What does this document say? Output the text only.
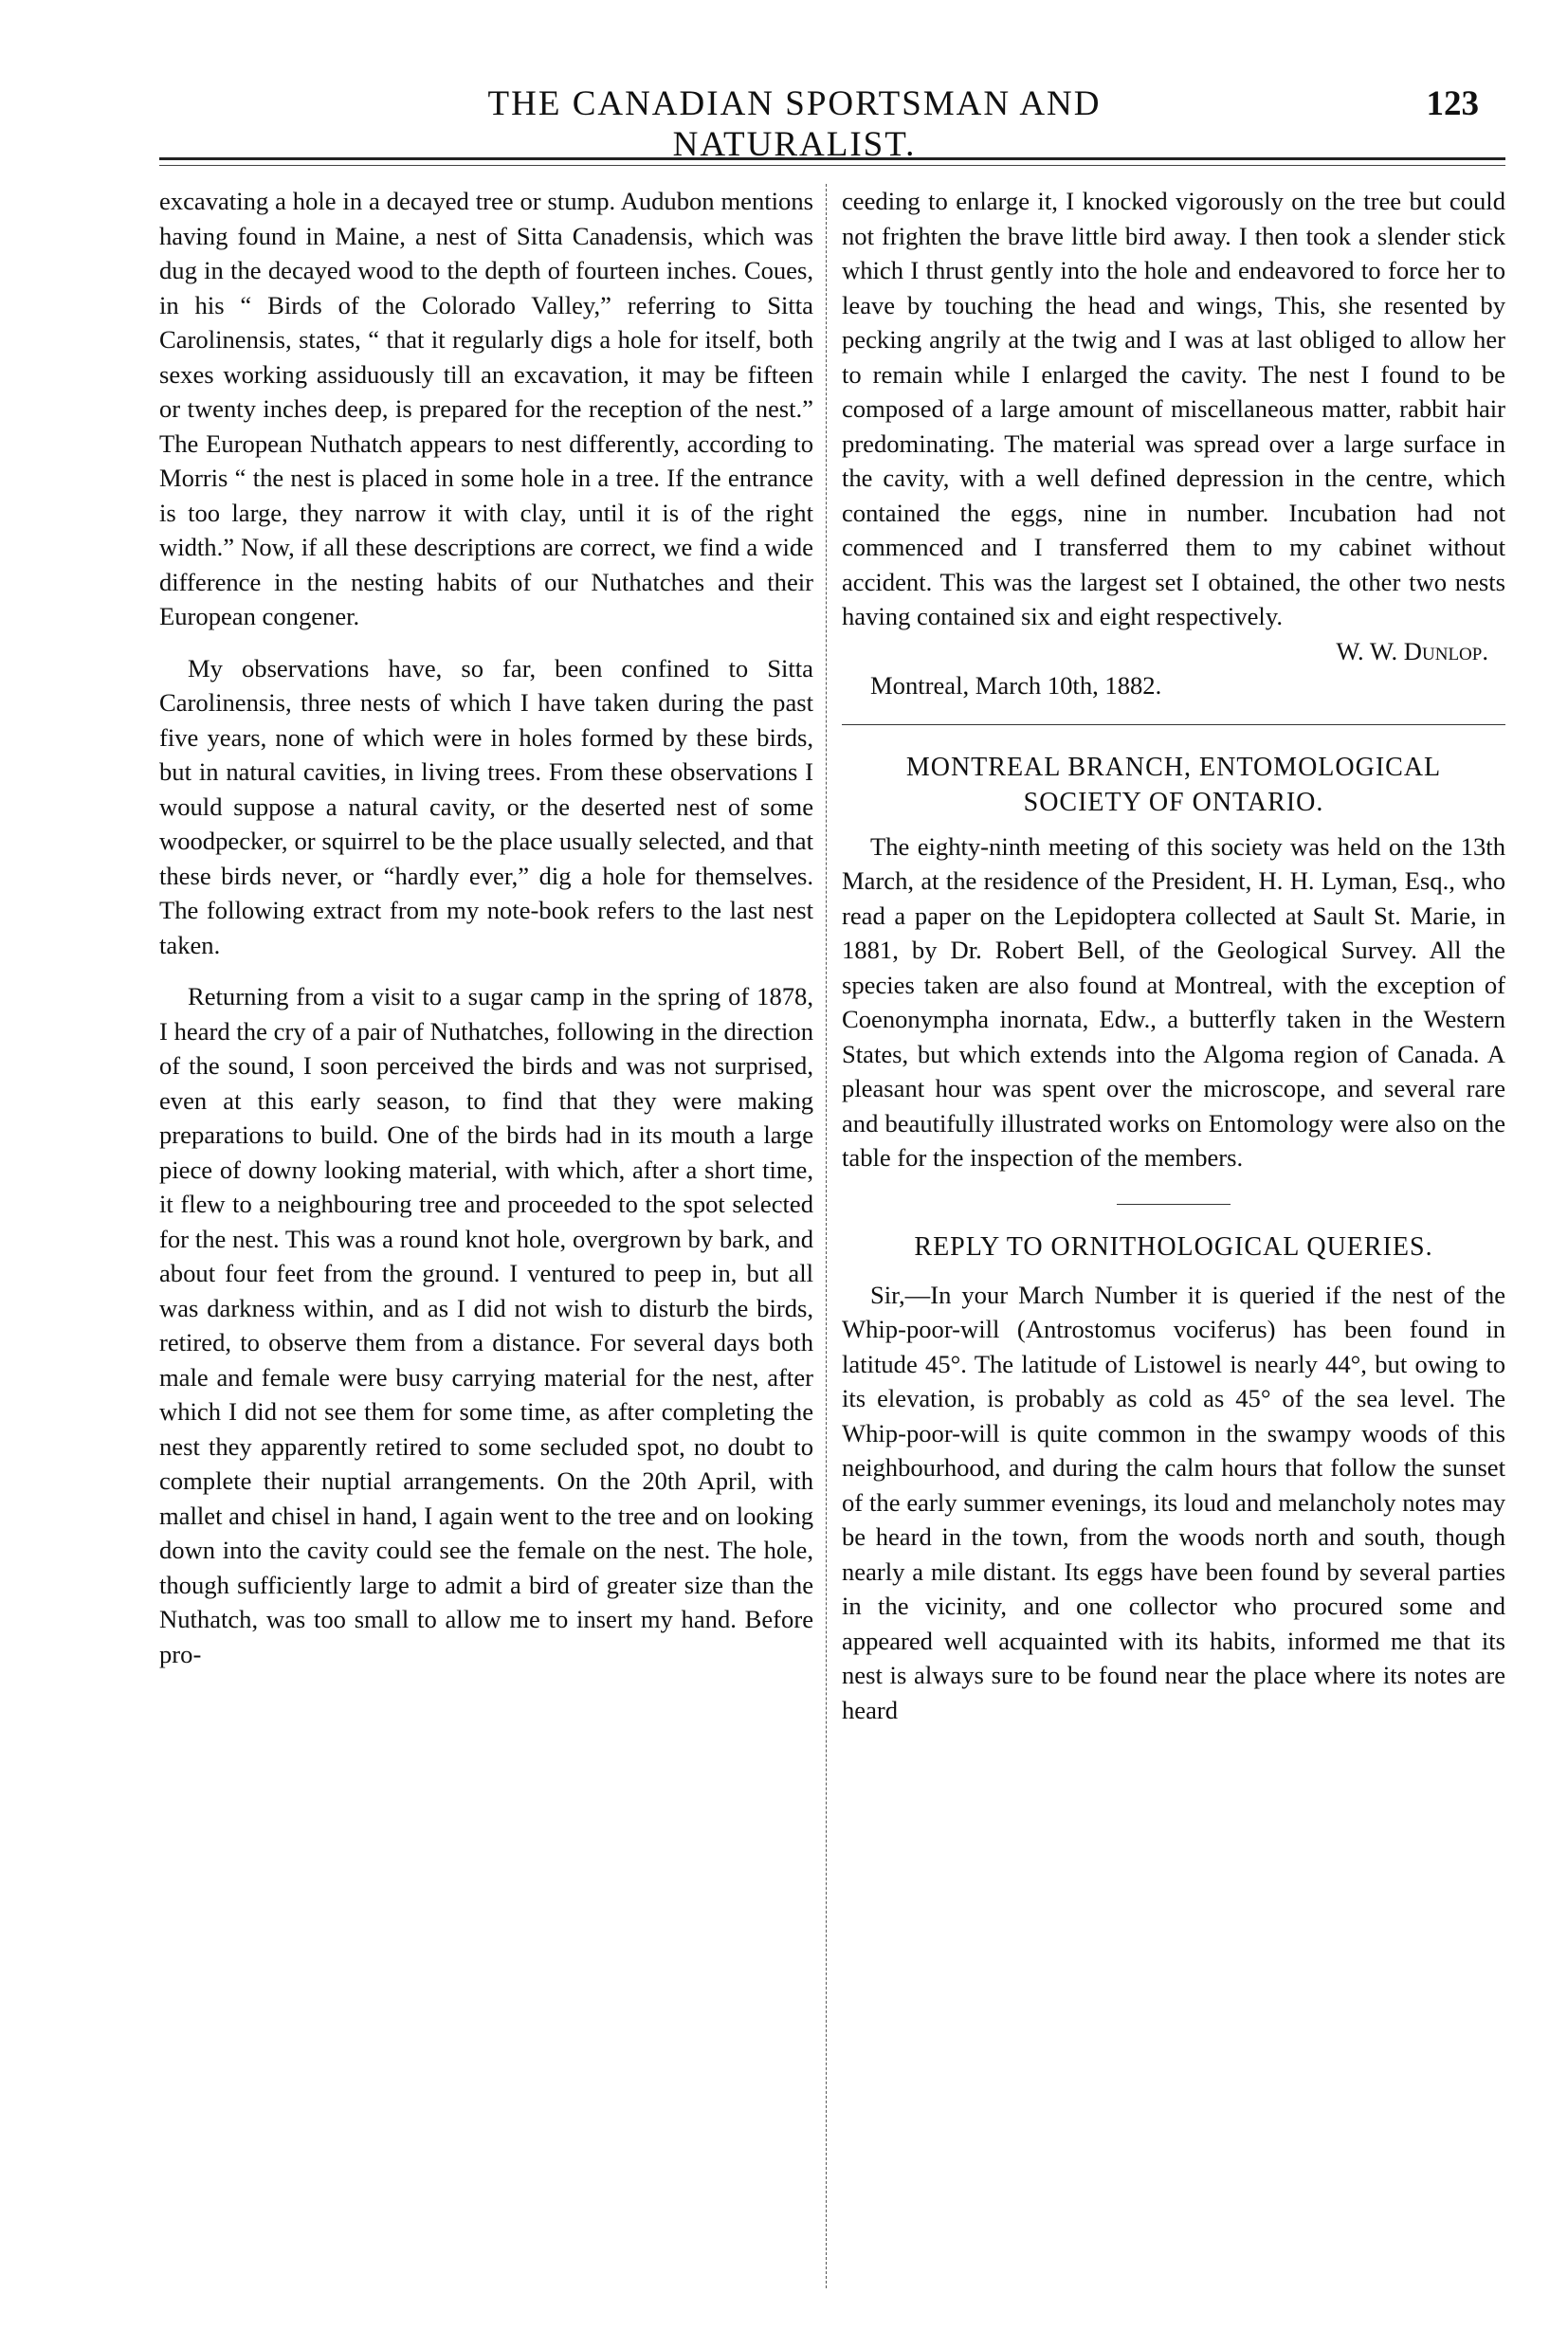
THE CANADIAN SPORTSMAN AND NATURALIST.
123

excavating a hole in a decayed tree or stump. Audubon mentions having found in Maine, a nest of Sitta Canadensis, which was dug in the decayed wood to the depth of fourteen inches. Coues, in his “ Birds of the Colorado Valley,” referring to Sitta Carolinensis, states, “ that it regularly digs a hole for itself, both sexes working assiduously till an excavation, it may be fifteen or twenty inches deep, is prepared for the reception of the nest.” The European Nuthatch appears to nest differently, according to Morris “ the nest is placed in some hole in a tree. If the entrance is too large, they narrow it with clay, until it is of the right width.” Now, if all these descriptions are correct, we find a wide difference in the nesting habits of our Nuthatches and their European congener.

My observations have, so far, been confined to Sitta Carolinensis, three nests of which I have taken during the past five years, none of which were in holes formed by these birds, but in natural cavities, in living trees. From these observations I would suppose a natural cavity, or the deserted nest of some woodpecker, or squirrel to be the place usually selected, and that these birds never, or “hardly ever,” dig a hole for themselves. The following extract from my note-book refers to the last nest taken.

Returning from a visit to a sugar camp in the spring of 1878, I heard the cry of a pair of Nuthatches, following in the direction of the sound, I soon perceived the birds and was not surprised, even at this early season, to find that they were making preparations to build. One of the birds had in its mouth a large piece of downy looking material, with which, after a short time, it flew to a neighbouring tree and proceeded to the spot selected for the nest. This was a round knot hole, overgrown by bark, and about four feet from the ground. I ventured to peep in, but all was darkness within, and as I did not wish to disturb the birds, retired, to observe them from a distance. For several days both male and female were busy carrying material for the nest, after which I did not see them for some time, as after completing the nest they apparently retired to some secluded spot, no doubt to complete their nuptial arrangements. On the 20th April, with mallet and chisel in hand, I again went to the tree and on looking down into the cavity could see the female on the nest. The hole, though sufficiently large to admit a bird of greater size than the Nuthatch, was too small to allow me to insert my hand. Before pro-

ceeding to enlarge it, I knocked vigorously on the tree but could not frighten the brave little bird away. I then took a slender stick which I thrust gently into the hole and endeavored to force her to leave by touching the head and wings, This, she resented by pecking angrily at the twig and I was at last obliged to allow her to remain while I enlarged the cavity. The nest I found to be composed of a large amount of miscellaneous matter, rabbit hair predominating. The material was spread over a large surface in the cavity, with a well defined depression in the centre, which contained the eggs, nine in number. Incubation had not commenced and I transferred them to my cabinet without accident. This was the largest set I obtained, the other two nests having contained six and eight respectively.

W. W. Dunlop.

Montreal, March 10th, 1882.

MONTREAL BRANCH, ENTOMOLOGICAL

SOCIETY OF ONTARIO.

The eighty-ninth meeting of this society was held on the 13th March, at the residence of the President, H. H. Lyman, Esq., who read a paper on the Lepidoptera collected at Sault St. Marie, in 1881, by Dr. Robert Bell, of the Geological Survey. All the species taken are also found at Montreal, with the exception of Coenonympha inornata, Edw., a butterfly taken in the Western States, but which extends into the Algoma region of Canada. A pleasant hour was spent over the microscope, and several rare and beautifully illustrated works on Entomology were also on the table for the inspection of the members.

REPLY TO ORNITHOLOGICAL QUERIES.

Sir,—In your March Number it is queried if the nest of the Whip-poor-will (Antrostomus vociferus) has been found in latitude 45°. The latitude of Listowel is nearly 44°, but owing to its elevation, is probably as cold as 45° of the sea level. The Whip-poor-will is quite common in the swampy woods of this neighbourhood, and during the calm hours that follow the sunset of the early summer evenings, its loud and melancholy notes may be heard in the town, from the woods north and south, though nearly a mile distant. Its eggs have been found by several parties in the vicinity, and one collector who procured some and appeared well acquainted with its habits, informed me that its nest is always sure to be found near the place where its notes are heard
